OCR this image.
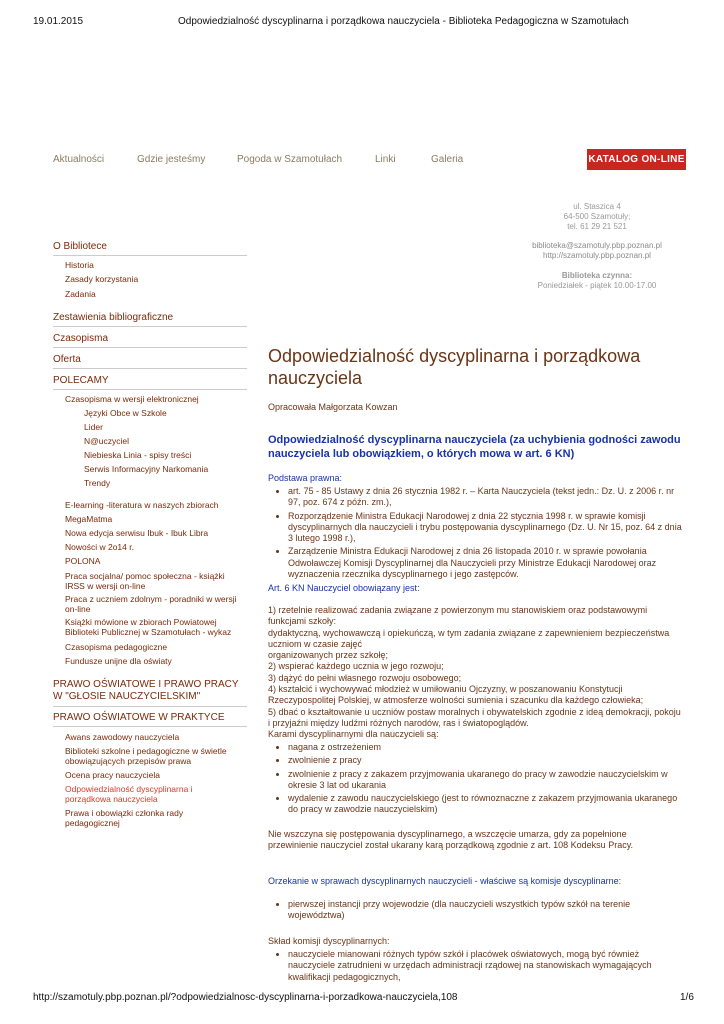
19.01.2015	Odpowiedzialność dyscyplinarna i porządkowa nauczyciela - Biblioteka Pedagogiczna w Szamotułach
http://szamotuly.pbp.poznan.pl/?odpowiedzialnosc-dyscyplinarna-i-porzadkowa-nauczyciela,108	1/6
Aktualności	Gdzie jesteśmy	Pogoda w Szamotułach	Linki	Galeria	KATALOG ON-LINE
ul. Staszica 4
64-500 Szamotuły;
tel. 61 29 21 521
biblioteka@szamotuly.pbp.poznan.pl
http://szamotuly.pbp.poznan.pl
Biblioteka czynna:
Poniedziałek - piątek 10.00-17.00
O Bibliotece
Historia
Zasady korzystania
Zadania
Zestawienia bibliograficzne
Czasopisma
Oferta
POLECAMY
Czasopisma w wersji elektronicznej
Języki Obce w Szkole
Lider
N@uczyciel
Niebieska Linia - spisy treści
Serwis Informacyjny Narkomania
Trendy
E-learning -literatura w naszych zbiorach
MegaMatma
Nowa edycja serwisu Ibuk - Ibuk Libra
Nowości w 2o14 r.
POLONA
Praca socjalna/ pomoc społeczna - książki IRSS w wersji on-line
Praca z uczniem zdolnym - poradniki w wersji on-line
Książki mówione w zbiorach Powiatowej Biblioteki Publicznej w Szamotułach - wykaz
Czasopisma pedagogiczne
Fundusze unijne dla oświaty
PRAWO OŚWIATOWE I PRAWO PRACY W "GŁOSIE NAUCZYCIELSKIM"
PRAWO OŚWIATOWE W PRAKTYCE
Awans zawodowy nauczyciela
Biblioteki szkolne i pedagogiczne w świetle obowiązujących przepisów prawa
Ocena pracy nauczyciela
Odpowiedzialność dyscyplinarna i porządkowa nauczyciela
Prawa i obowiązki członka rady pedagogicznej
Odpowiedzialność dyscyplinarna i porządkowa nauczyciela
Opracowała Małgorzata Kowzan
Odpowiedzialność dyscyplinarna nauczyciela (za uchybienia godności zawodu nauczyciela lub obowiązkiem, o których mowa w art. 6 KN)
Podstawa prawna:
• art. 75 - 85 Ustawy z dnia 26 stycznia 1982 r. – Karta Nauczyciela (tekst jedn.: Dz. U. z 2006 r. nr 97, poz. 674 z późn. zm.),
• Rozporządzenie Ministra Edukacji Narodowej z dnia 22 stycznia 1998 r. w sprawie komisji dyscyplinarnych dla nauczycieli i trybu postępowania dyscyplinarnego (Dz. U. Nr 15, poz. 64 z dnia 3 lutego 1998 r.),
• Zarządzenie Ministra Edukacji Narodowej z dnia 26 listopada 2010 r. w sprawie powołania Odwoławczej Komisji Dyscyplinarnej dla Nauczycieli przy Ministrze Edukacji Narodowej oraz wyznaczenia rzecznika dyscyplinarnego i jego zastępców.
Art. 6 KN Nauczyciel obowiązany jest:
1) rzetelnie realizować zadania związane z powierzonym mu stanowiskiem oraz podstawowymi funkcjami szkoły:
dydaktyczną, wychowawczą i opiekuńczą, w tym zadania związane z zapewnieniem bezpieczeństwa uczniom w czasie zajęć
organizowanych przez szkołę;
2) wspierać każdego ucznia w jego rozwoju;
3) dążyć do pełni własnego rozwoju osobowego;
4) kształcić i wychowywać młodzież w umiłowaniu Ojczyzny, w poszanowaniu Konstytucji Rzeczypospolitej Polskiej, w atmosferze wolności sumienia i szacunku dla każdego człowieka;
5) dbać o kształtowanie u uczniów postaw moralnych i obywatelskich zgodnie z ideą demokracji, pokoju i przyjaźni między ludźmi różnych narodów, ras i światopoglądów.
Karami dyscyplinarnymi dla nauczycieli są:
• nagana z ostrzeżeniem
• zwolnienie z pracy
• zwolnienie z pracy z zakazem przyjmowania ukaranego do pracy w zawodzie nauczycielskim w okresie 3 lat od ukarania
• wydalenie z zawodu nauczycielskiego (jest to równoznaczne z zakazem przyjmowania ukaranego do pracy w zawodzie nauczycielskim)
Nie wszczyna się postępowania dyscyplinarnego, a wszczęcie umarza, gdy za popełnione przewinienie nauczyciel został ukarany karą porządkową zgodnie z art. 108 Kodeksu Pracy.
Orzekanie w sprawach dyscyplinarnych nauczycieli - właściwe są komisje dyscyplinarne:
• pierwszej instancji przy wojewodzie (dla nauczycieli wszystkich typów szkół na terenie województwa)
Skład komisji dyscyplinarnych:
• nauczyciele mianowani różnych typów szkół i placówek oświatowych, mogą być również nauczyciele zatrudnieni w urzędach administracji rządowej na stanowiskach wymagających kwalifikacji pedagogicznych,
